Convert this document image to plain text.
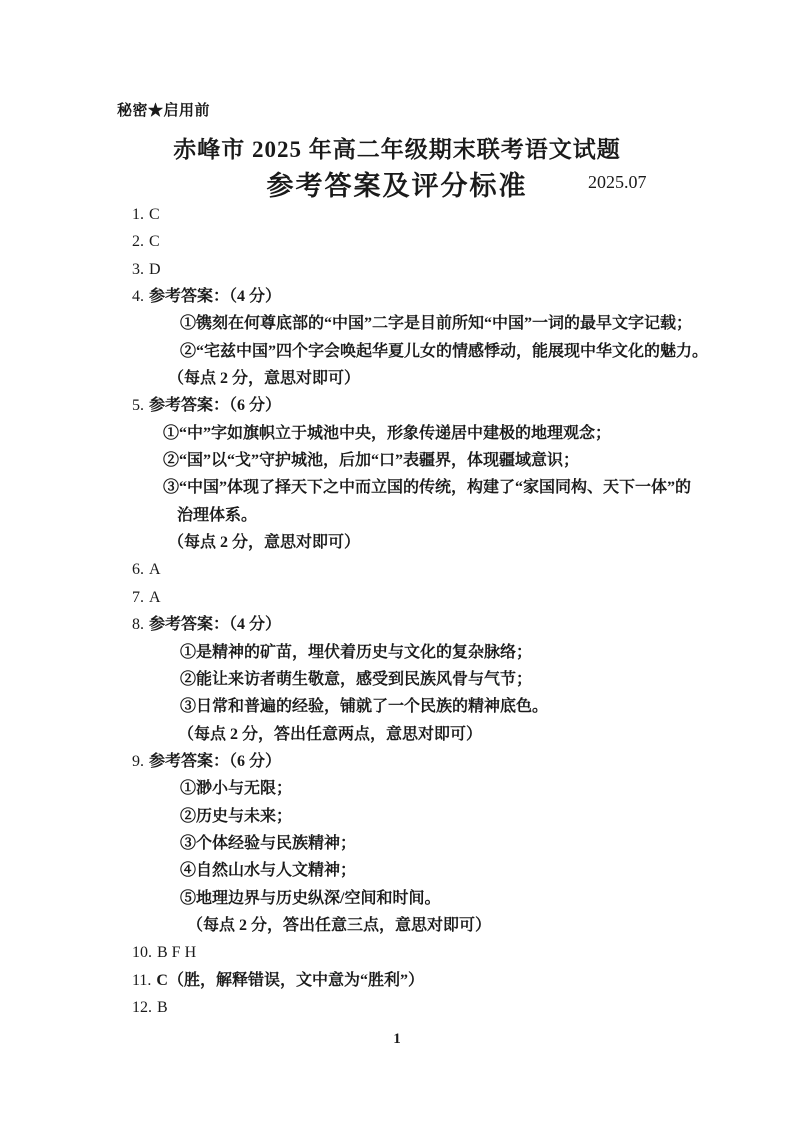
秘密★启用前
赤峰市 2025 年高二年级期末联考语文试题
参考答案及评分标准	2025.07
1. C
2. C
3. D
4. 参考答案：（4 分）
①镌刻在何尊底部的“中国”二字是目前所知“中国”一词的最早文字记载；
②“宅兹中国”四个字会唤起华夏儿女的情感悸动，能展现中华文化的魅力。
（每点 2 分，意思对即可）
5. 参考答案：（6 分）
①“中”字如旗帜立于城池中央，形象传递居中建极的地理观念；
②“国”以“戈”守护城池，后加“口”表疆界，体现疆域意识；
③“中国”体现了择天下之中而立国的传统，构建了“家国同构、天下一体”的
治理体系。
（每点 2 分，意思对即可）
6. A
7. A
8. 参考答案：（4 分）
①是精神的矿苗，埋伏着历史与文化的复杂脉络；
②能让来访者萌生敬意，感受到民族风骨与气节；
③日常和普遍的经验，铺就了一个民族的精神底色。
（每点 2 分，答出任意两点，意思对即可）
9. 参考答案：（6 分）
①渺小与无限；
②历史与未来；
③个体经验与民族精神；
④自然山水与人文精神；
⑤地理边界与历史纵深/空间和时间。
（每点 2 分，答出任意三点，意思对即可）
10. B F H
11. C（胜，解释错误，文中意为“胜利”）
12. B
1
